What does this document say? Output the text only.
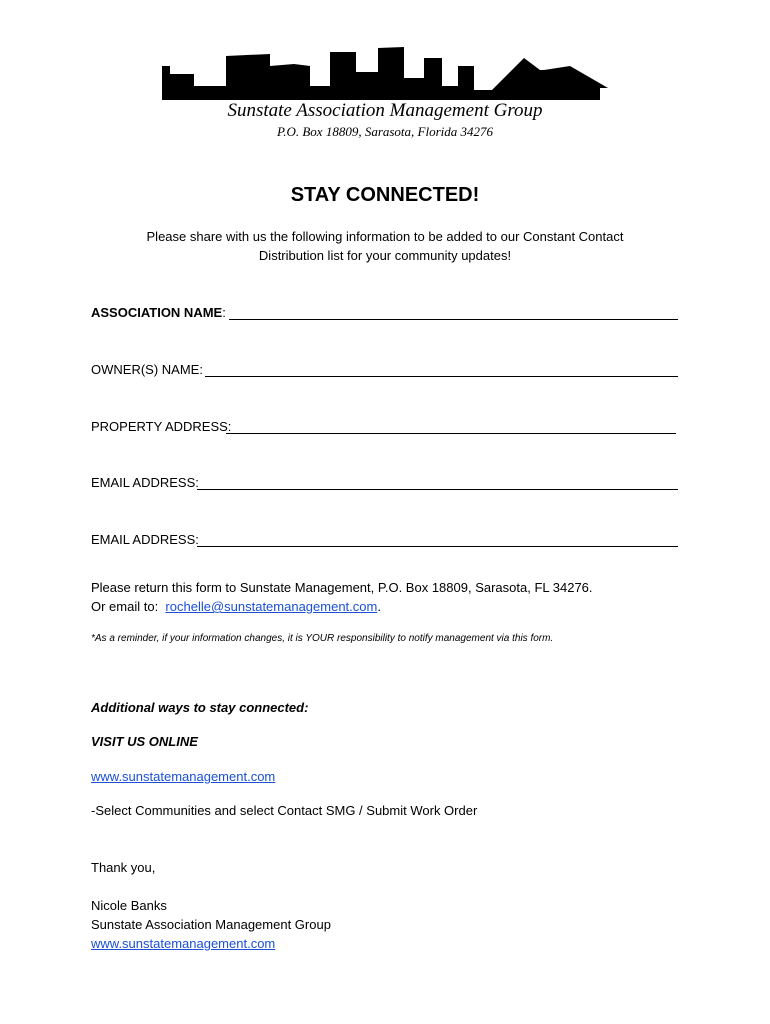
Sunstate Association Management Group
P.O. Box 18809, Sarasota, Florida 34276
STAY CONNECTED!
Please share with us the following information to be added to our Constant Contact
Distribution list for your community updates!
ASSOCIATION NAME:
OWNER(S) NAME:
PROPERTY ADDRESS:
EMAIL ADDRESS:
EMAIL ADDRESS:
Please return this form to Sunstate Management, P.O. Box 18809, Sarasota, FL 34276.
Or email to:  rochelle@sunstatemanagement.com.
*As a reminder, if your information changes, it is YOUR responsibility to notify management via this form.
Additional ways to stay connected:
VISIT US ONLINE
www.sunstatemanagement.com
-Select Communities and select Contact SMG / Submit Work Order
Thank you,
Nicole Banks
Sunstate Association Management Group
www.sunstatemanagement.com
